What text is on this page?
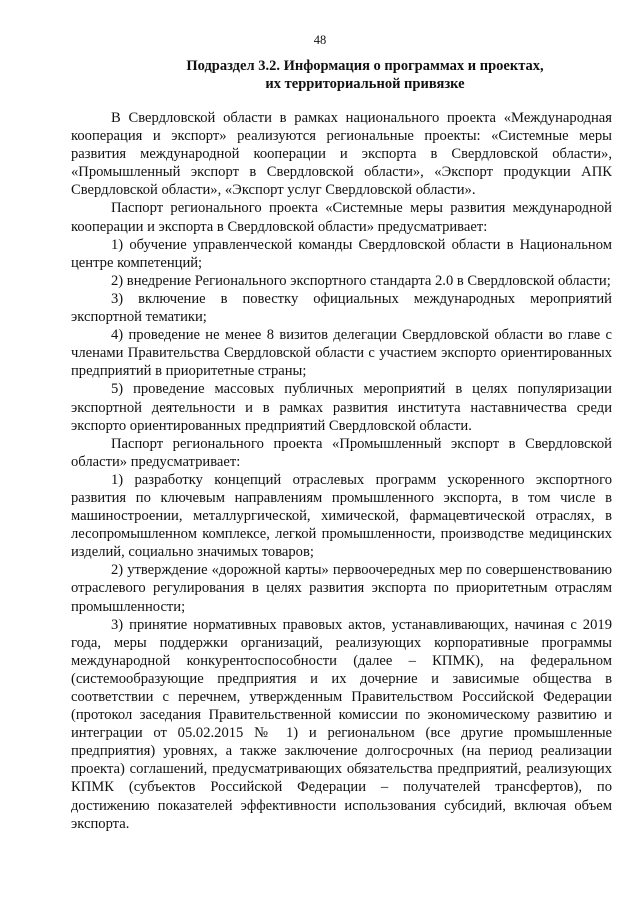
48
Подраздел 3.2. Информация о программах и проектах,
их территориальной привязке

В Свердловской области в рамках национального проекта «Международная кооперация и экспорт» реализуются региональные проекты: «Системные меры развития международной кооперации и экспорта в Свердловской области», «Промышленный экспорт в Свердловской области», «Экспорт продукции АПК Свердловской области», «Экспорт услуг Свердловской области».

Паспорт регионального проекта «Системные меры развития международной кооперации и экспорта в Свердловской области» предусматривает:

1) обучение управленческой команды Свердловской области в Национальном центре компетенций;

2) внедрение Регионального экспортного стандарта 2.0 в Свердловской области;

3) включение в повестку официальных международных мероприятий экспортной тематики;

4) проведение не менее 8 визитов делегации Свердловской области во главе с членами Правительства Свердловской области с участием экспорто ориентированных предприятий в приоритетные страны;

5) проведение массовых публичных мероприятий в целях популяризации экспортной деятельности и в рамках развития института наставничества среди экспорто ориентированных предприятий Свердловской области.

Паспорт регионального проекта «Промышленный экспорт в Свердловской области» предусматривает:

1) разработку концепций отраслевых программ ускоренного экспортного развития по ключевым направлениям промышленного экспорта, в том числе в машиностроении, металлургической, химической, фармацевтической отраслях, в лесопромышленном комплексе, легкой промышленности, производстве медицинских изделий, социально значимых товаров;

2) утверждение «дорожной карты» первоочередных мер по совершенствованию отраслевого регулирования в целях развития экспорта по приоритетным отраслям промышленности;

3) принятие нормативных правовых актов, устанавливающих, начиная с 2019 года, меры поддержки организаций, реализующих корпоративные программы международной конкурентоспособности (далее – КПМК), на федеральном (системообразующие предприятия и их дочерние и зависимые общества в соответствии с перечнем, утвержденным Правительством Российской Федерации (протокол заседания Правительственной комиссии по экономическому развитию и интеграции от 05.02.2015 № 1) и региональном (все другие промышленные предприятия) уровнях, а также заключение долгосрочных (на период реализации проекта) соглашений, предусматривающих обязательства предприятий, реализующих КПМК (субъектов Российской Федерации – получателей трансфертов), по достижению показателей эффективности использования субсидий, включая объем экспорта.
